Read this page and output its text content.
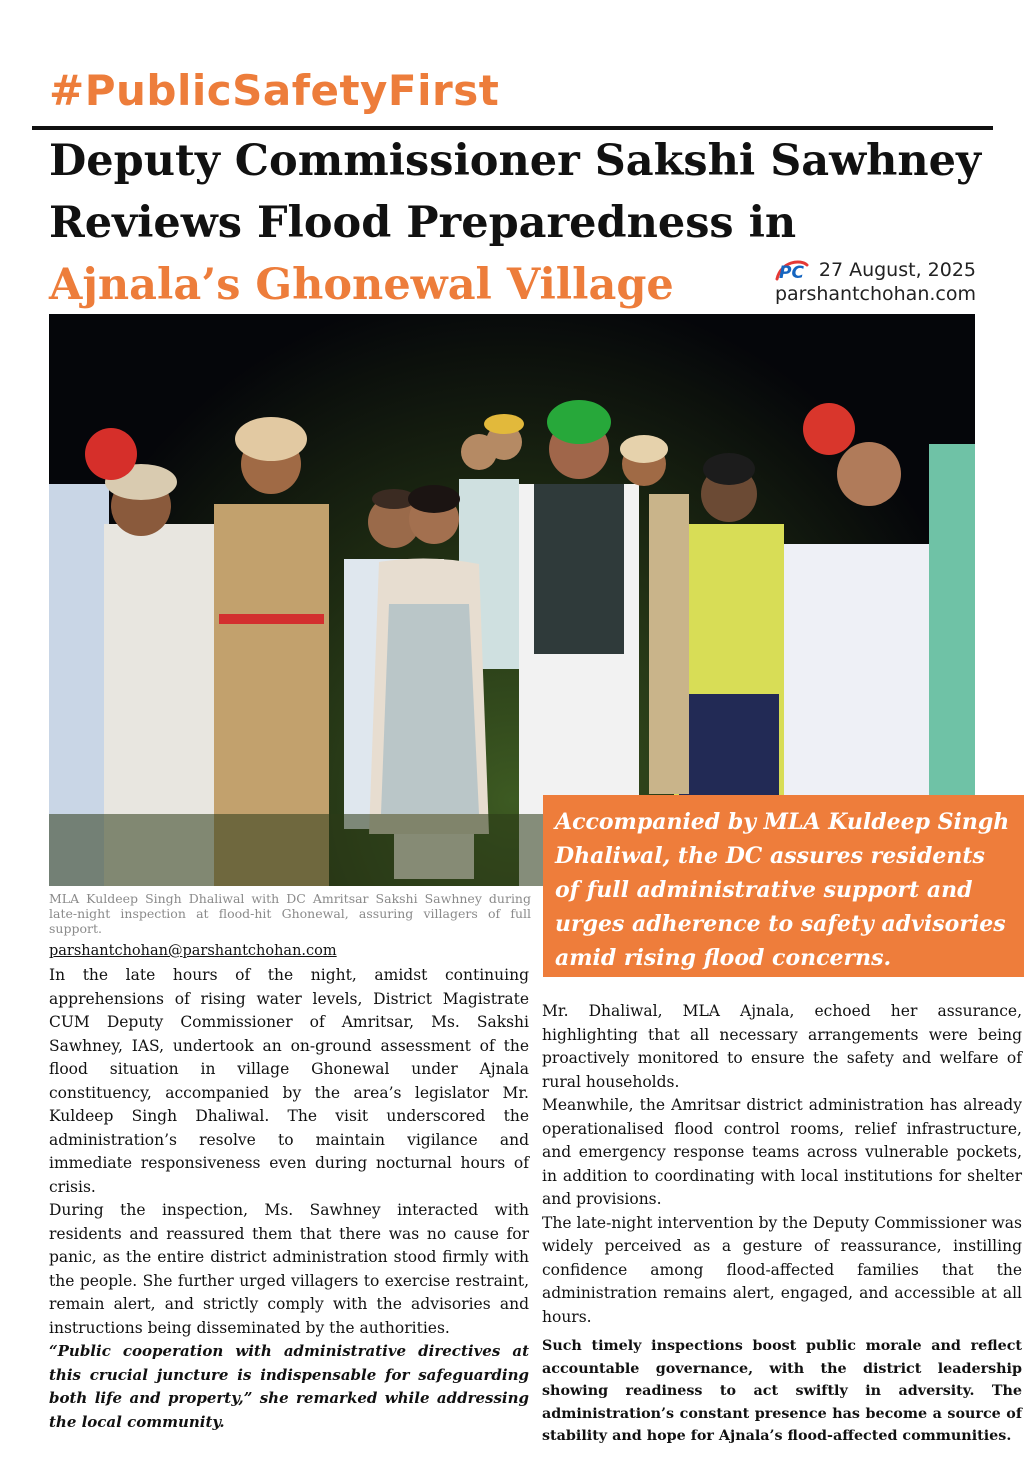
#PublicSafetyFirst
Deputy Commissioner Sakshi Sawhney Reviews Flood Preparedness in Ajnala’s Ghonewal Village	PC 27 August, 2025
parshantchohan.com

MLA Kuldeep Singh Dhaliwal with DC Amritsar Sakshi Sawhney during late-night inspection at flood-hit Ghonewal, assuring villagers of full support.

parshantchohan@parshantchohan.com

Accompanied by MLA Kuldeep Singh Dhaliwal, the DC assures residents of full administrative support and urges adherence to safety advisories amid rising flood concerns.

In the late hours of the night, amidst continuing apprehensions of rising water levels, District Magistrate CUM Deputy Commissioner of Amritsar, Ms. Sakshi Sawhney, IAS, undertook an on-ground assessment of the flood situation in village Ghonewal under Ajnala constituency, accompanied by the area’s legislator Mr. Kuldeep Singh Dhaliwal. The visit underscored the administration’s resolve to maintain vigilance and immediate responsiveness even during nocturnal hours of crisis.

During the inspection, Ms. Sawhney interacted with residents and reassured them that there was no cause for panic, as the entire district administration stood firmly with the people. She further urged villagers to exercise restraint, remain alert, and strictly comply with the advisories and instructions being disseminated by the authorities.

“Public cooperation with administrative directives at this crucial juncture is indispensable for safeguarding both life and property,” she remarked while addressing the local community.

Mr. Dhaliwal, MLA Ajnala, echoed her assurance, highlighting that all necessary arrangements were being proactively monitored to ensure the safety and welfare of rural households.

Meanwhile, the Amritsar district administration has already operationalised flood control rooms, relief infrastructure, and emergency response teams across vulnerable pockets, in addition to coordinating with local institutions for shelter and provisions.

The late-night intervention by the Deputy Commissioner was widely perceived as a gesture of reassurance, instilling confidence among flood-affected families that the administration remains alert, engaged, and accessible at all hours.

Such timely inspections boost public morale and reflect accountable governance, with the district leadership showing readiness to act swiftly in adversity. The administration’s constant presence has become a source of stability and hope for Ajnala’s flood-affected communities.
